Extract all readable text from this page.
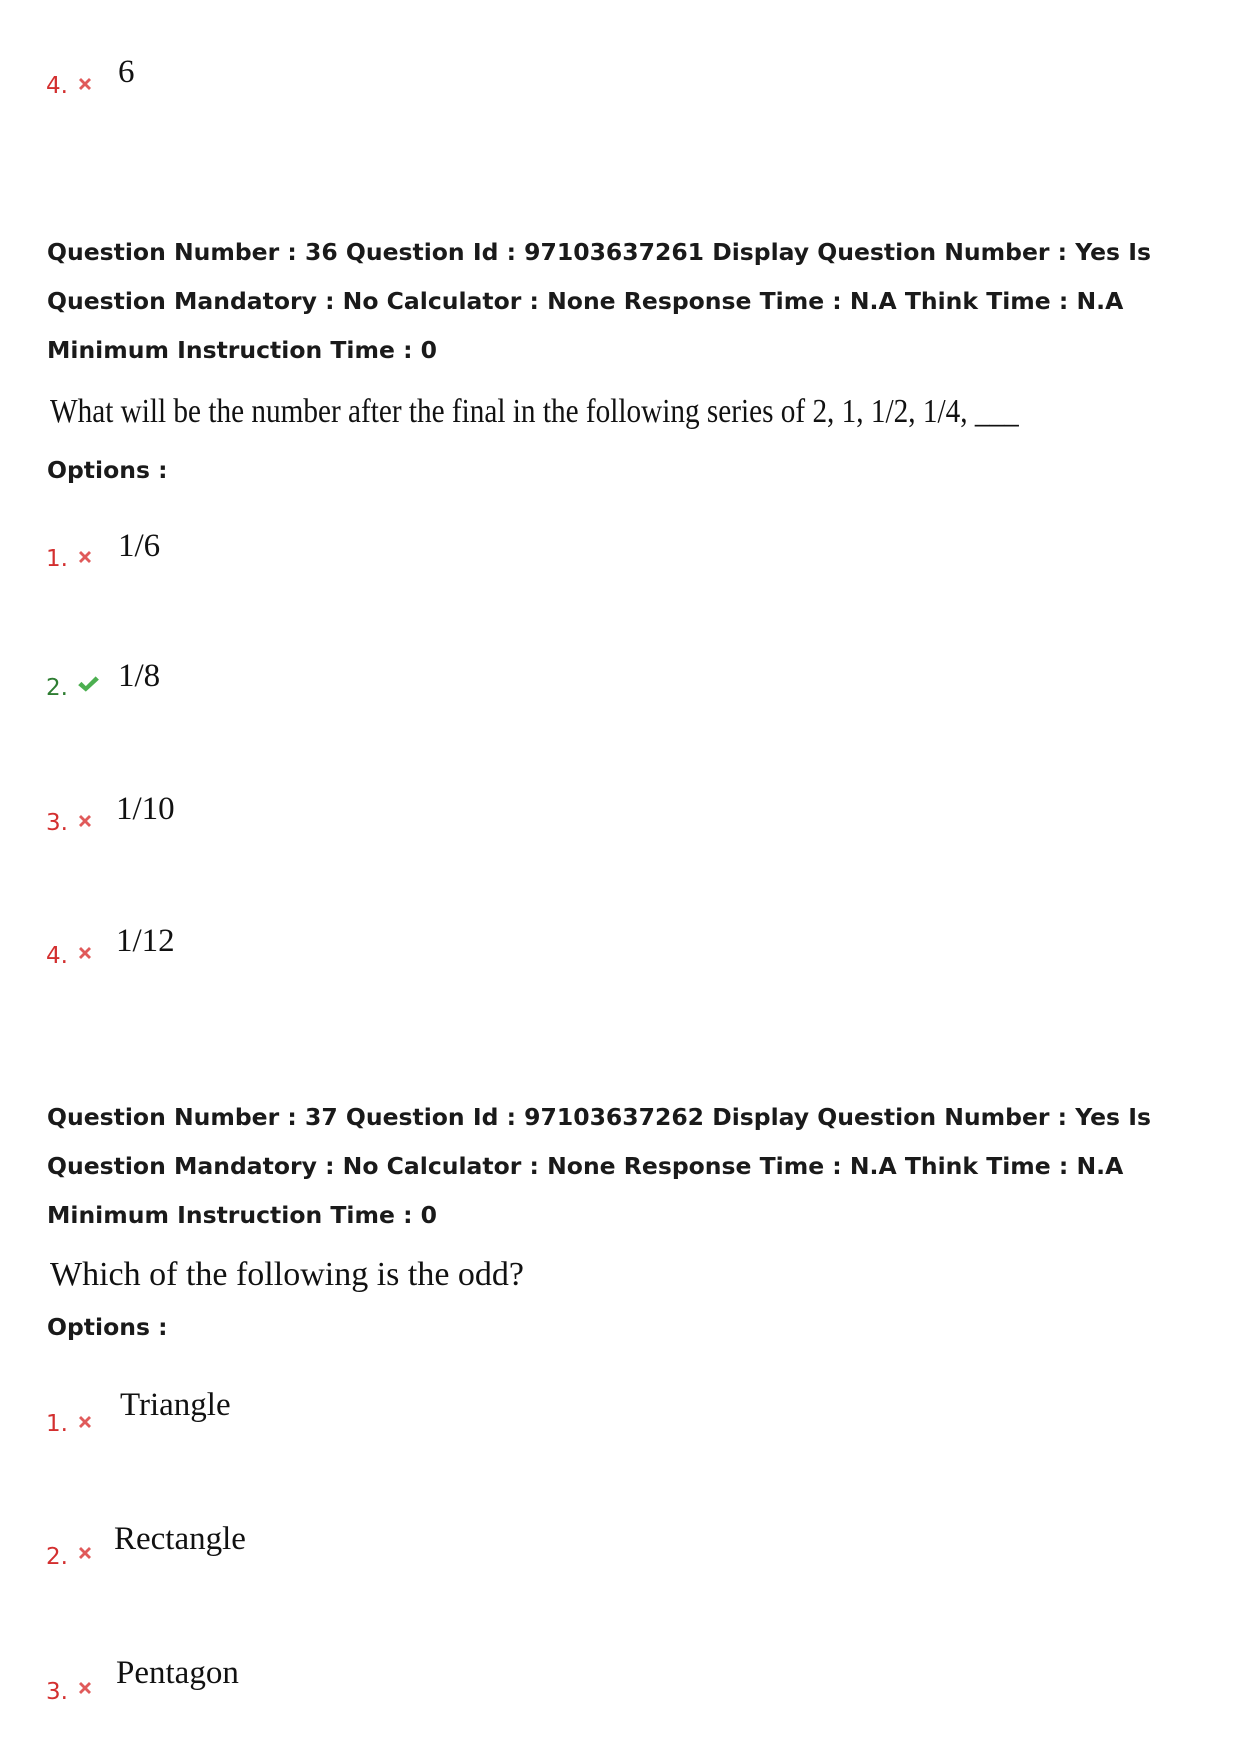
4. 6

Question Number : 36 Question Id : 97103637261 Display Question Number : Yes Is Question Mandatory : No Calculator : None Response Time : N.A Think Time : N.A Minimum Instruction Time : 0

What will be the number after the final in the following series of 2, 1, 1/2, 1/4, ___
Options :
1. 1/6
2. 1/8
3. 1/10
4. 1/12

Question Number : 37 Question Id : 97103637262 Display Question Number : Yes Is Question Mandatory : No Calculator : None Response Time : N.A Think Time : N.A Minimum Instruction Time : 0

Which of the following is the odd?
Options :
1.
Triangle
2. Rectangle
3.
Pentagon
